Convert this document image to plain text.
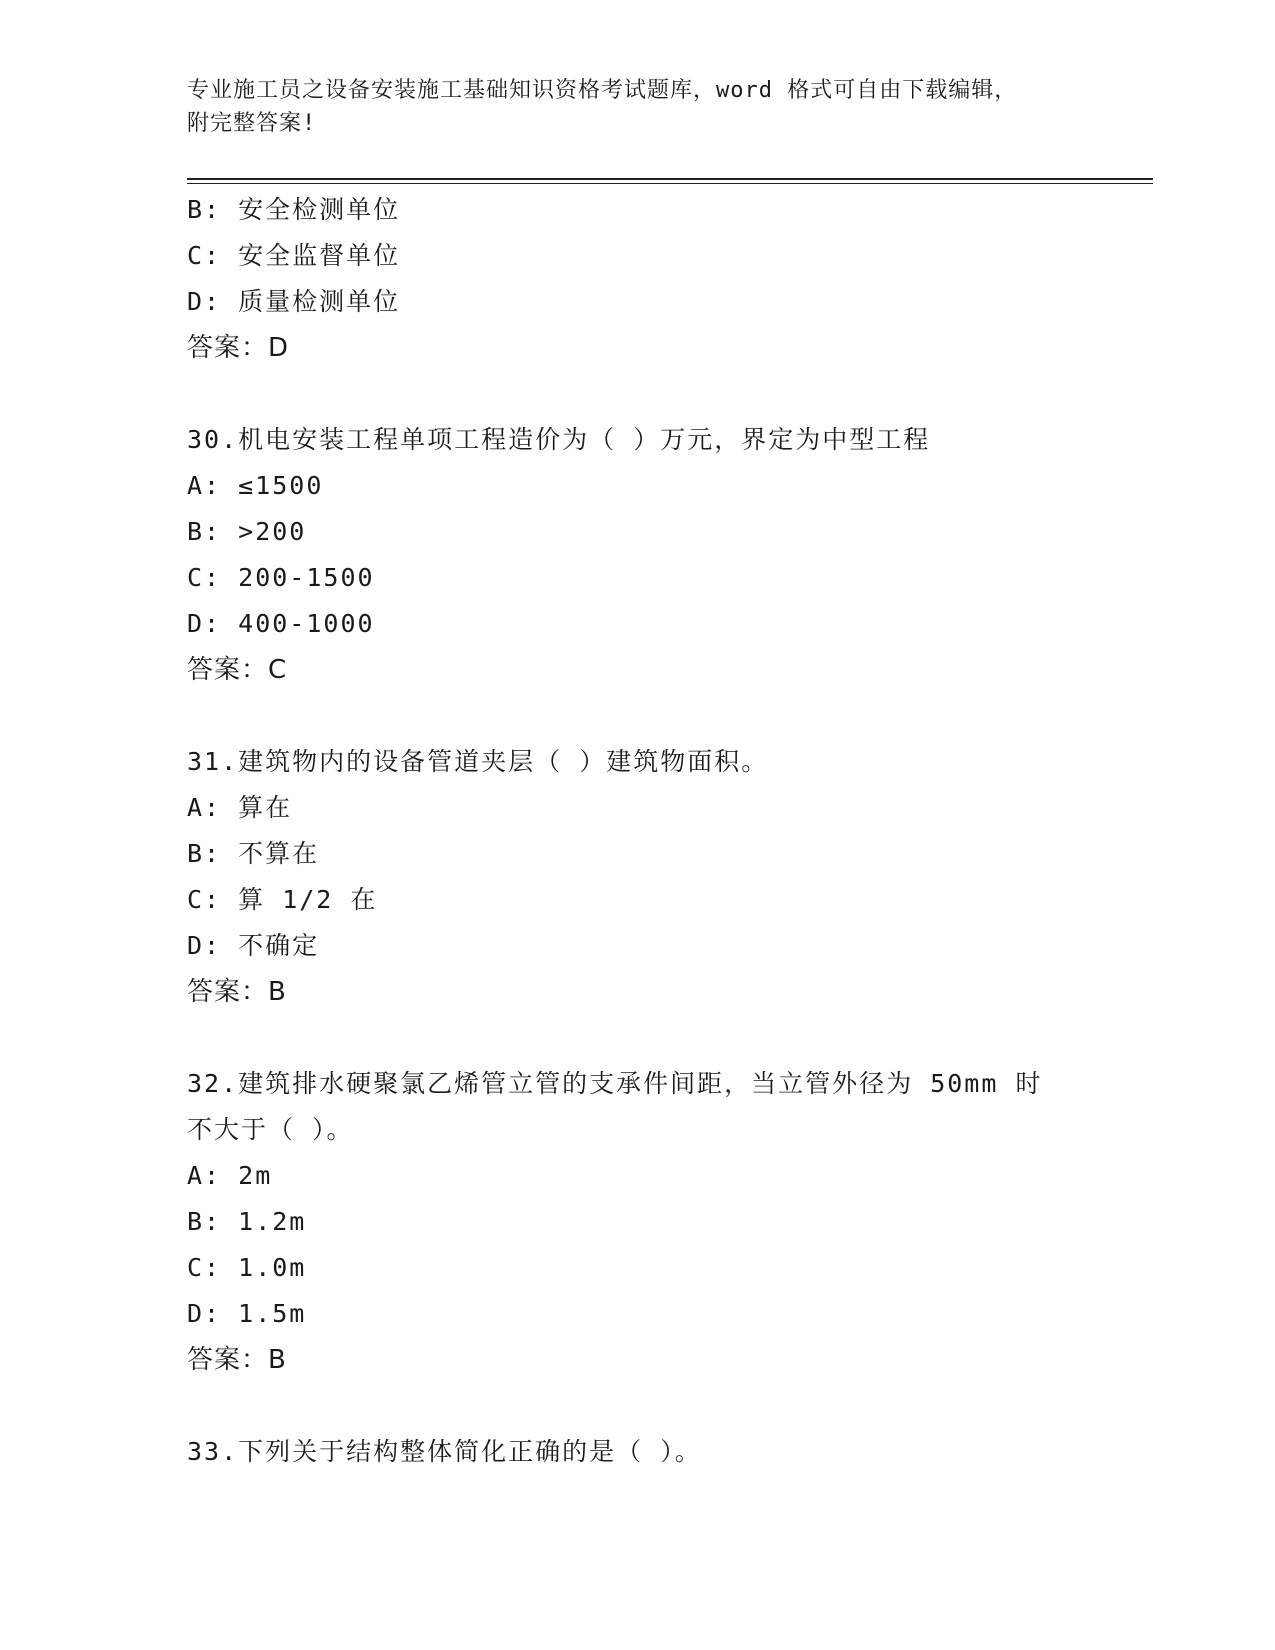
专业施工员之设备安装施工基础知识资格考试题库，word 格式可自由下载编辑，
附完整答案!
B: 安全检测单位
C: 安全监督单位
D: 质量检测单位
答案：D
30.机电安装工程单项工程造价为（ ）万元，界定为中型工程
A: ≤1500
B: >200
C: 200-1500
D: 400-1000
答案：C
31.建筑物内的设备管道夹层（ ）建筑物面积。
A: 算在
B: 不算在
C: 算 1/2 在
D: 不确定
答案：B
32.建筑排水硬聚氯乙烯管立管的支承件间距，当立管外径为 50mm 时
不大于（ ）。
A: 2m
B: 1.2m
C: 1.0m
D: 1.5m
答案：B
33.下列关于结构整体简化正确的是（ ）。
